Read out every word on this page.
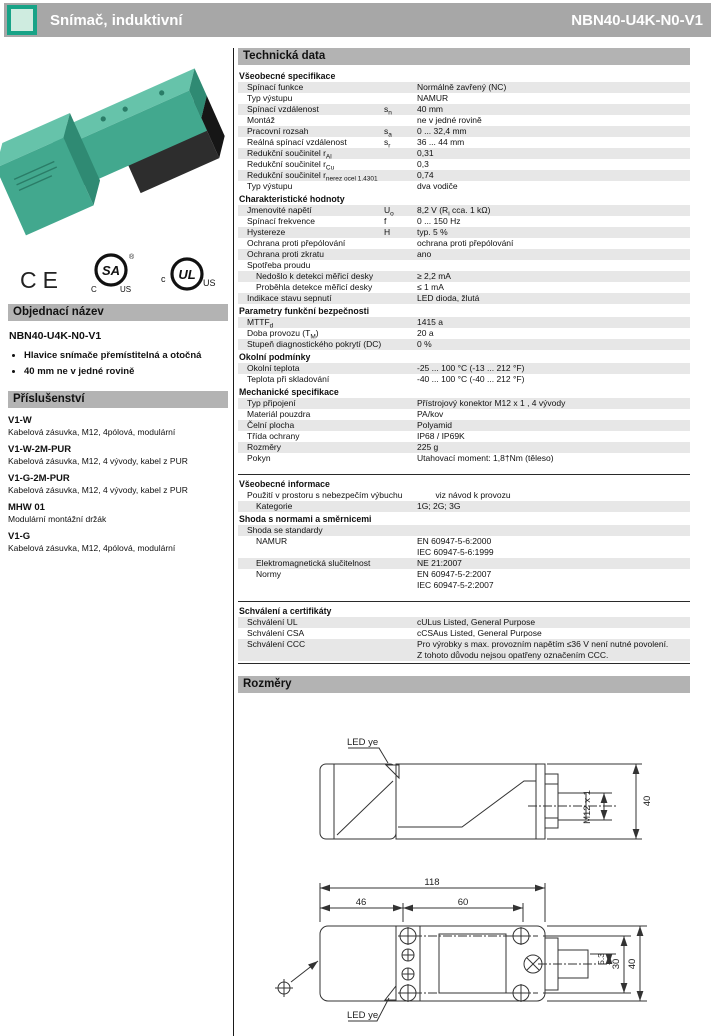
Snímač, induktivní	NBN40-U4K-N0-V1
CE	SA
®
C	US
UL
c	US
Objednací název
NBN40-U4K-N0-V1
• Hlavice snímače přemístitelná a otočná
• 40 mm ne v jedné rovině
Příslušenství
V1-W
Kabelová zásuvka, M12, 4pólová, modulární
V1-W-2M-PUR
Kabelová zásuvka, M12, 4 vývody, kabel z PUR
V1-G-2M-PUR
Kabelová zásuvka, M12, 4 vývody, kabel z PUR
MHW 01
Modulární montážní držák
V1-G
Kabelová zásuvka, M12, 4pólová, modulární
Technická data
Všeobecné specifikace
Spínací funkce	Normálně zavřený (NC)
Typ výstupu	NAMUR
Spínací vzdálenost	$s_n$	40 mm
Montáž	ne v jedné rovině
Pracovní rozsah	$s_a$	0 ... 32,4 mm
Reálná spínací vzdálenost	$s_r$	36 ... 44 mm
Redukční součinitel $r_{Al}$	0,31
Redukční součinitel $r_{Cu}$	0,3
Redukční součinitel $r_{nerez ocel 1.4301}$	0,74
Typ výstupu	dva vodiče
Charakteristické hodnoty
Jmenovité napětí	$U_o$	8,2 V ($R_i$ cca. 1 kΩ)
Spínací frekvence	f	0 ... 150 Hz
Hystereze	H	typ. 5 %
Ochrana proti přepólování	ochrana proti přepólování
Ochrana proti zkratu	ano
Spotřeba proudu
Nedošlo k detekci měřicí desky	≥ 2,2 mA
Proběhla detekce měřicí desky	≤ 1 mA
Indikace stavu sepnutí	LED dioda, žlutá
Parametry funkční bezpečnosti
$MTTF_d$	1415 a
Doba provozu $(T_M)$	20 a
Stupeň diagnostického pokrytí (DC)	0 %
Okolní podmínky
Okolní teplota	-25 ... 100 °C (-13 ... 212 °F)
Teplota při skladování	-40 ... 100 °C (-40 ... 212 °F)
Mechanické specifikace
Typ připojení	Přístrojový konektor M12 x 1 , 4 vývody
Materiál pouzdra	PA/kov
Čelní plocha	Polyamid
Třída ochrany	IP68 / IP69K
Rozměry	225 g
Pokyn	Utahovací moment: 1,8†Nm (těleso)
Všeobecné informace
Použití v prostoru s nebezpečím výbuchu	viz návod k provozu
Kategorie	1G; 2G; 3G
Shoda s normami a směrnicemi
Shoda se standardy
NAMUR	EN 60947-5-6:2000
IEC 60947-5-6:1999
Elektromagnetická slučitelnost	NE 21:2007
Normy	EN 60947-5-2:2007
IEC 60947-5-2:2007
Schválení a certifikáty
Schválení UL	cULus Listed, General Purpose
Schválení CSA	cCSAus Listed, General Purpose
Schválení CCC	Pro výrobky s max. provozním napětím ≤36 V není nutné povolení.
Z tohoto důvodu nejsou opatřeny označením CCC.
Rozměry
LED ye
M12 x 1	40
118
46	60
5.3 30 40
LED ye
